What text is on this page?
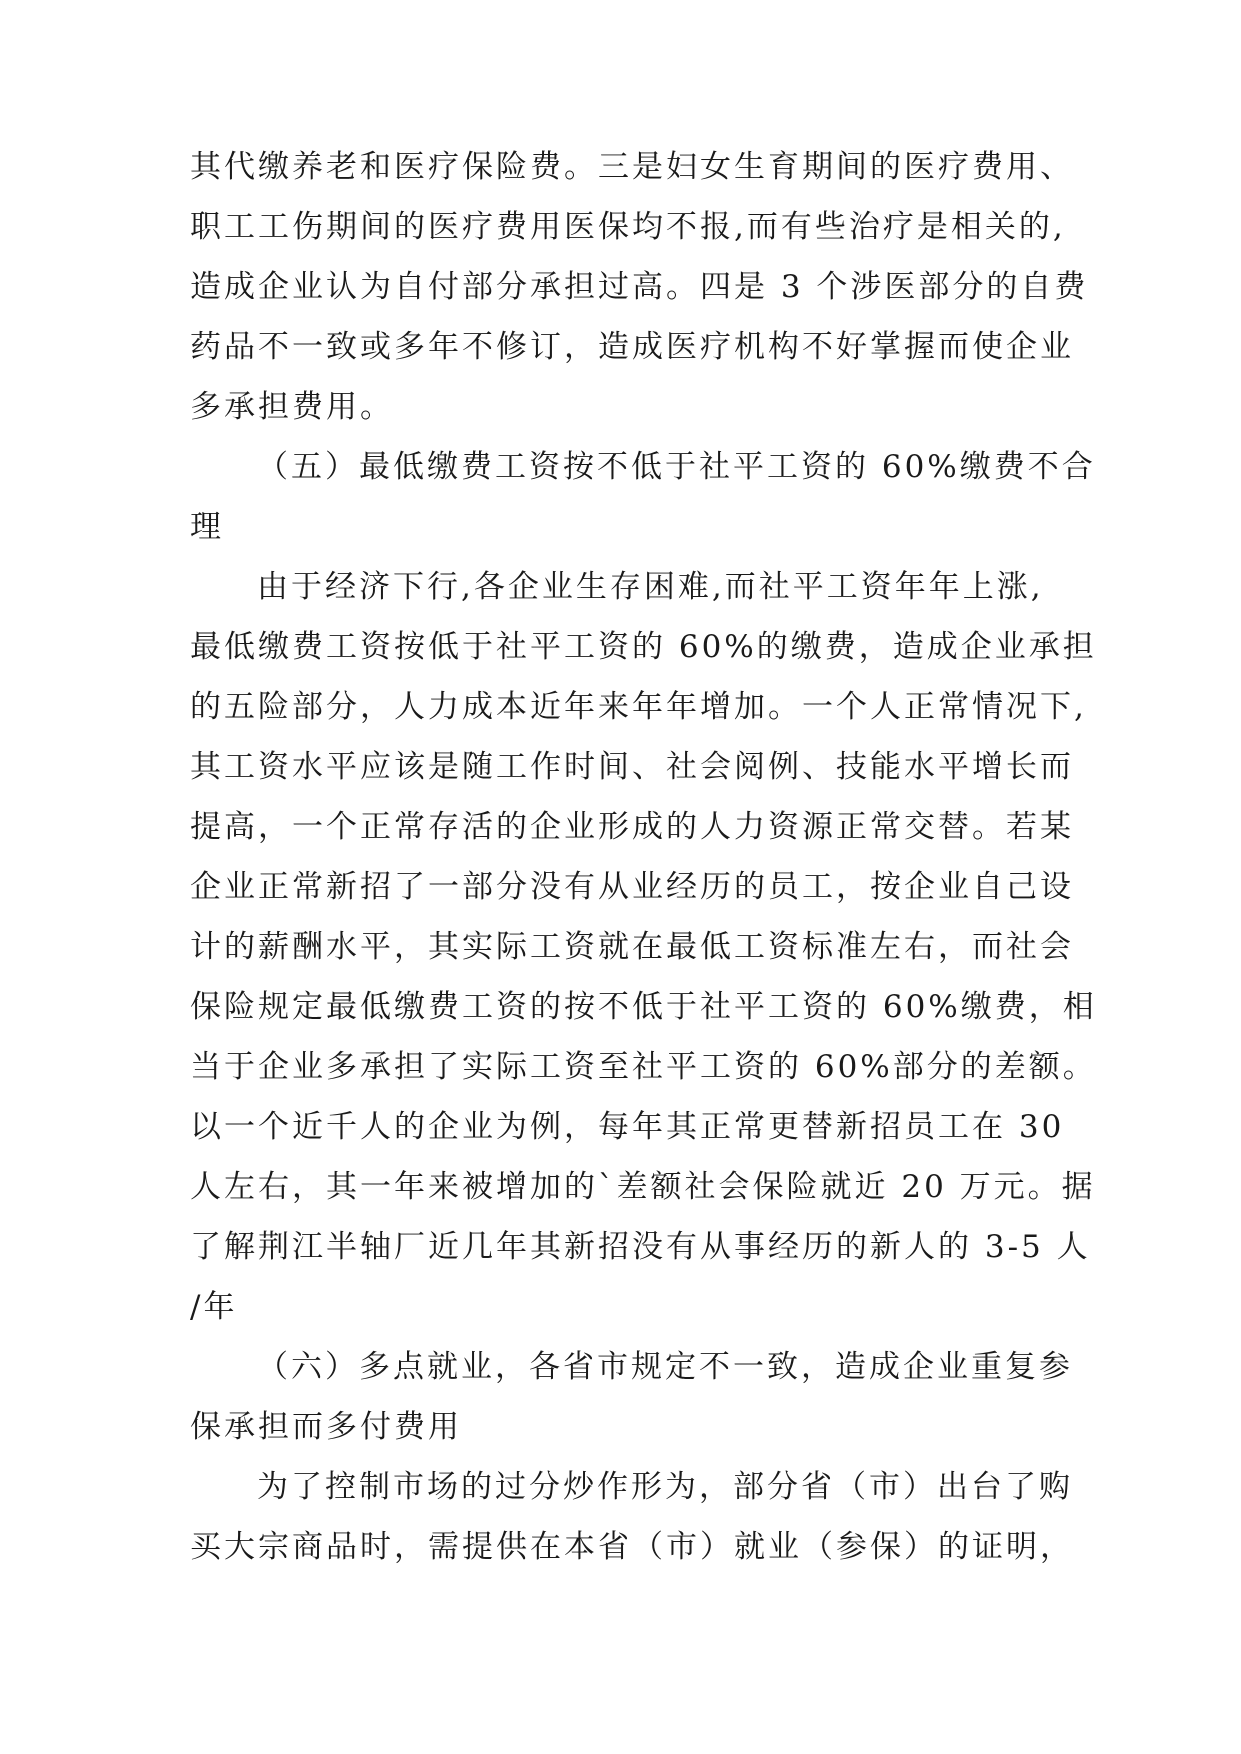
其代缴养老和医疗保险费。三是妇女生育期间的医疗费用、
职工工伤期间的医疗费用医保均不报,而有些治疗是相关的,
造成企业认为自付部分承担过高。四是 3 个涉医部分的自费
药品不一致或多年不修订，造成医疗机构不好掌握而使企业
多承担费用。
（五）最低缴费工资按不低于社平工资的 60%缴费不合
理
由于经济下行,各企业生存困难,而社平工资年年上涨,
最低缴费工资按低于社平工资的 60%的缴费，造成企业承担
的五险部分，人力成本近年来年年增加。一个人正常情况下,
其工资水平应该是随工作时间、社会阅例、技能水平增长而
提高，一个正常存活的企业形成的人力资源正常交替。若某
企业正常新招了一部分没有从业经历的员工，按企业自己设
计的薪酬水平，其实际工资就在最低工资标准左右，而社会
保险规定最低缴费工资的按不低于社平工资的 60%缴费，相
当于企业多承担了实际工资至社平工资的 60%部分的差额。
以一个近千人的企业为例，每年其正常更替新招员工在 30
人左右，其一年来被增加的`差额社会保险就近 20 万元。据
了解荆江半轴厂近几年其新招没有从事经历的新人的 3-5 人
/年
（六）多点就业，各省市规定不一致，造成企业重复参
保承担而多付费用
为了控制市场的过分炒作形为，部分省（市）出台了购
买大宗商品时，需提供在本省（市）就业（参保）的证明，
